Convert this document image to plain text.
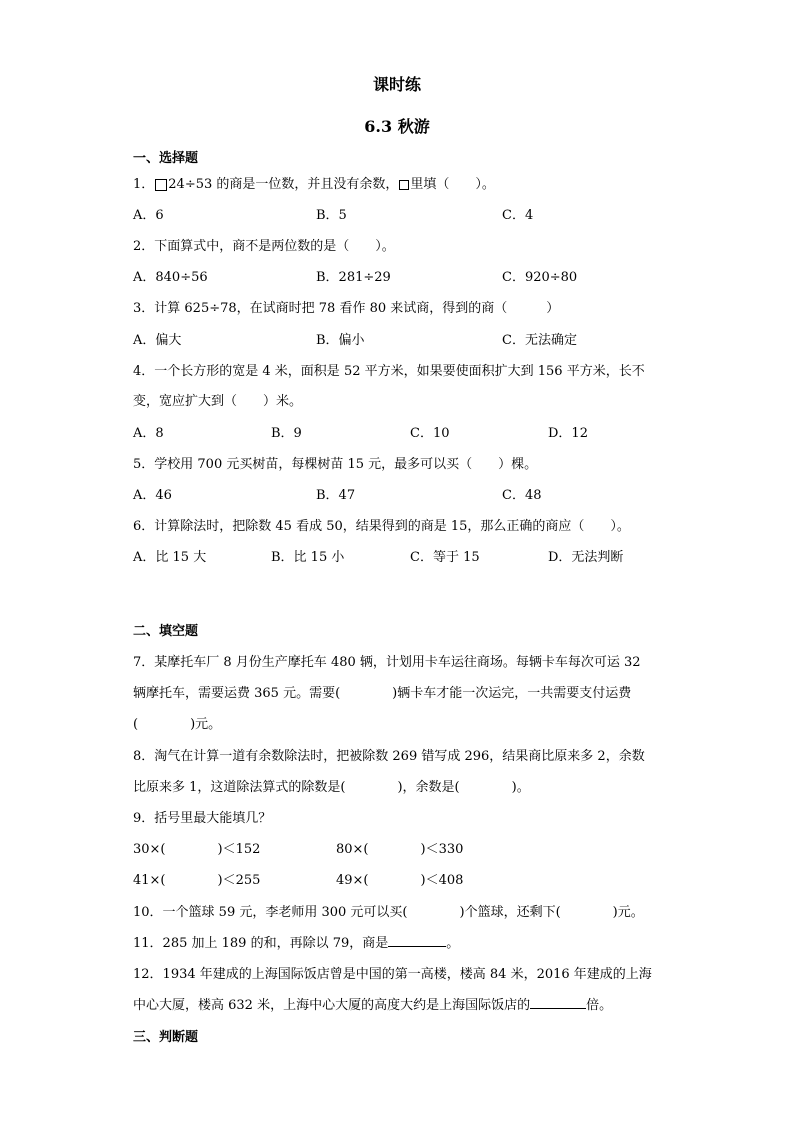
课时练
6.3 秋游
一、选择题
1． 24÷53 的商是一位数，并且没有余数， 里填（　　）。
A．6	B．5	C．4
2．下面算式中，商不是两位数的是（　　）。
A．840÷56	B．281÷29	C．920÷80
3．计算 625÷78，在试商时把 78 看作 80 来试商，得到的商（　　　）
A．偏大	B．偏小	C．无法确定
4．一个长方形的宽是 4 米，面积是 52 平方米，如果要使面积扩大到 156 平方米，长不
变，宽应扩大到（　　）米。
A．8	B．9	C．10	D．12
5．学校用 700 元买树苗，每棵树苗 15 元，最多可以买（　　）棵。
A．46	B．47	C．48
6．计算除法时，把除数 45 看成 50，结果得到的商是 15，那么正确的商应（　　）。
A．比 15 大	B．比 15 小	C．等于 15	D．无法判断
二、填空题
7．某摩托车厂 8 月份生产摩托车 480 辆，计划用卡车运往商场。每辆卡车每次可运 32
辆摩托车，需要运费 365 元。需要(　　　　)辆卡车才能一次运完，一共需要支付运费
(　　　　)元。
8．淘气在计算一道有余数除法时，把被除数 269 错写成 296，结果商比原来多 2，余数
比原来多 1，这道除法算式的除数是(　　　　)，余数是(　　　　)。
9．括号里最大能填几？
30×(　　　　)＜152	80×(　　　　)＜330
41×(　　　　)＜255	49×(　　　　)＜408
10．一个篮球 59 元，李老师用 300 元可以买(　　　　)个篮球，还剩下(　　　　)元。
11．285 加上 189 的和，再除以 79，商是	。
12．1934 年建成的上海国际饭店曾是中国的第一高楼，楼高 84 米，2016 年建成的上海
中心大厦，楼高 632 米，上海中心大厦的高度大约是上海国际饭店的	倍。
三、判断题
